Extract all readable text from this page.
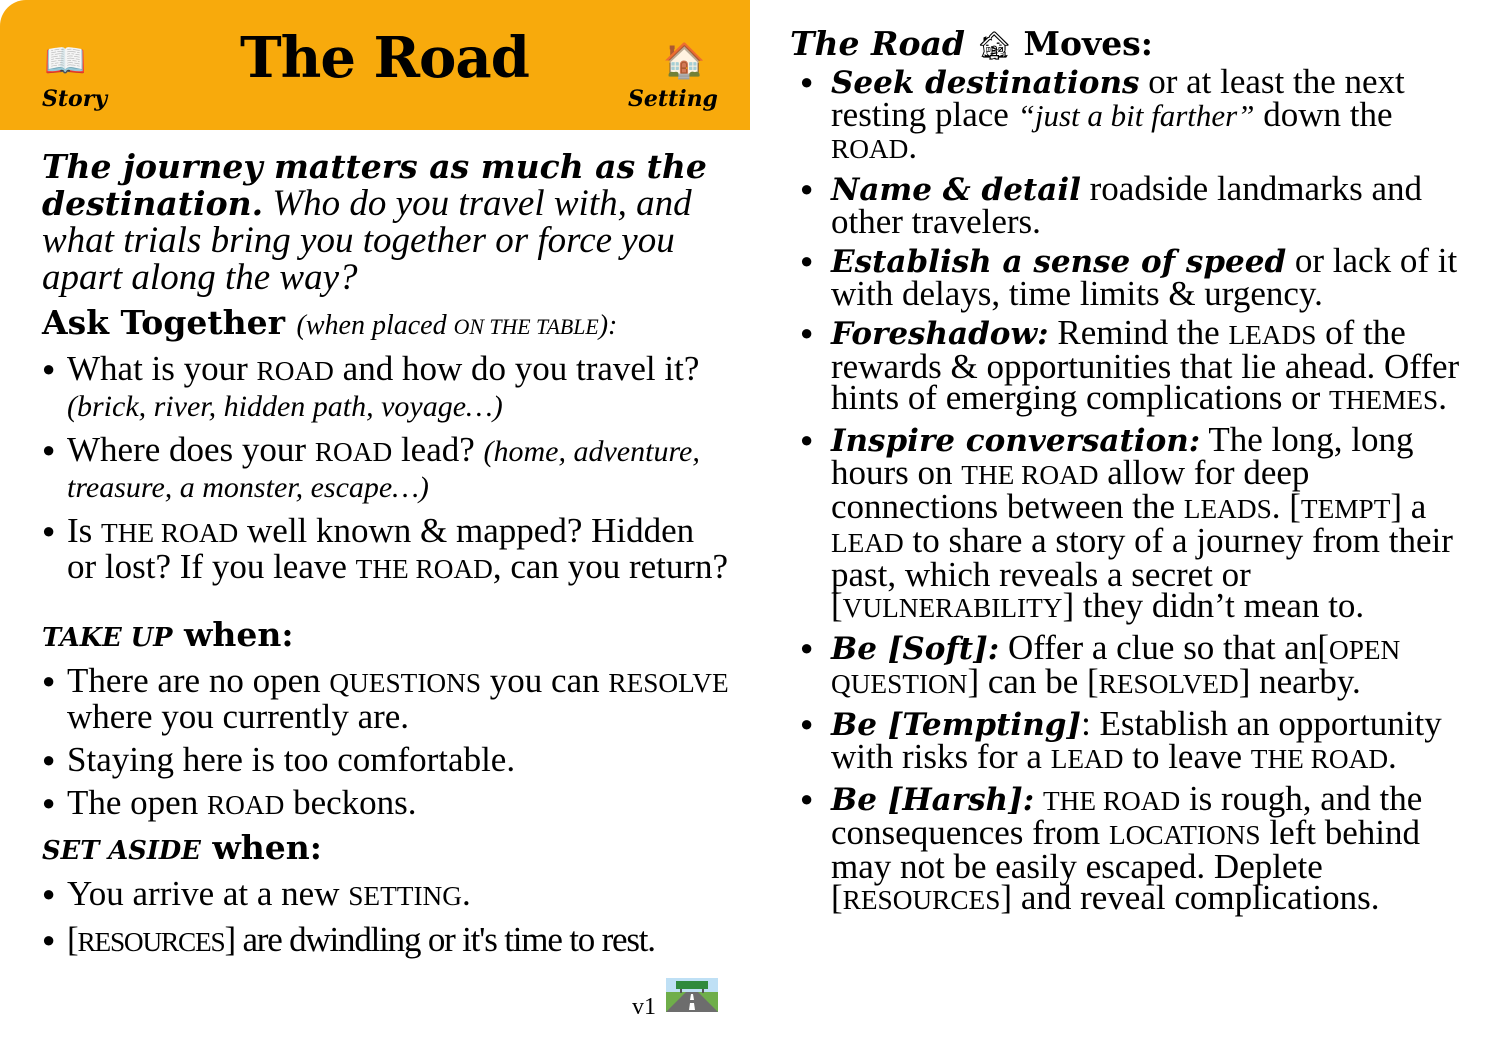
📖
Story
The Road	🏠
Setting
The journey matters as much as the destination. Who do you travel with, and what trials bring you together or force you apart along the way?
Ask Together (when placed ON THE TABLE):
● What is your ROAD and how do you travel it? (brick, river, hidden path, voyage…)
● Where does your ROAD lead? (home, adventure, treasure, a monster, escape…)
● Is THE ROAD well known & mapped? Hidden or lost? If you leave THE ROAD, can you return?
TAKE UP when:
● There are no open QUESTIONS you can RESOLVE where you currently are.
● Staying here is too comfortable.
● The open ROAD beckons.
SET ASIDE when:
● You arrive at a new SETTING.
● [RESOURCES] are dwindling or it's time to rest.
v1
The Road 🏚 Moves:
● Seek destinations or at least the next resting place “just a bit farther” down the ROAD.
● Name & detail roadside landmarks and other travelers.
● Establish a sense of speed or lack of it with delays, time limits & urgency.
● Foreshadow: Remind the LEADS of the rewards & opportunities that lie ahead. Offer hints of emerging complications or THEMES.
● Inspire conversation: The long, long hours on THE ROAD allow for deep connections between the LEADS. [TEMPT] a LEAD to share a story of a journey from their past, which reveals a secret or [VULNERABILITY] they didn’t mean to.
● Be [Soft]: Offer a clue so that an[OPEN QUESTION] can be [RESOLVED] nearby.
● Be [Tempting]: Establish an opportunity with risks for a LEAD to leave THE ROAD.
● Be [Harsh]: THE ROAD is rough, and the consequences from LOCATIONS left behind may not be easily escaped. Deplete [RESOURCES] and reveal complications.
